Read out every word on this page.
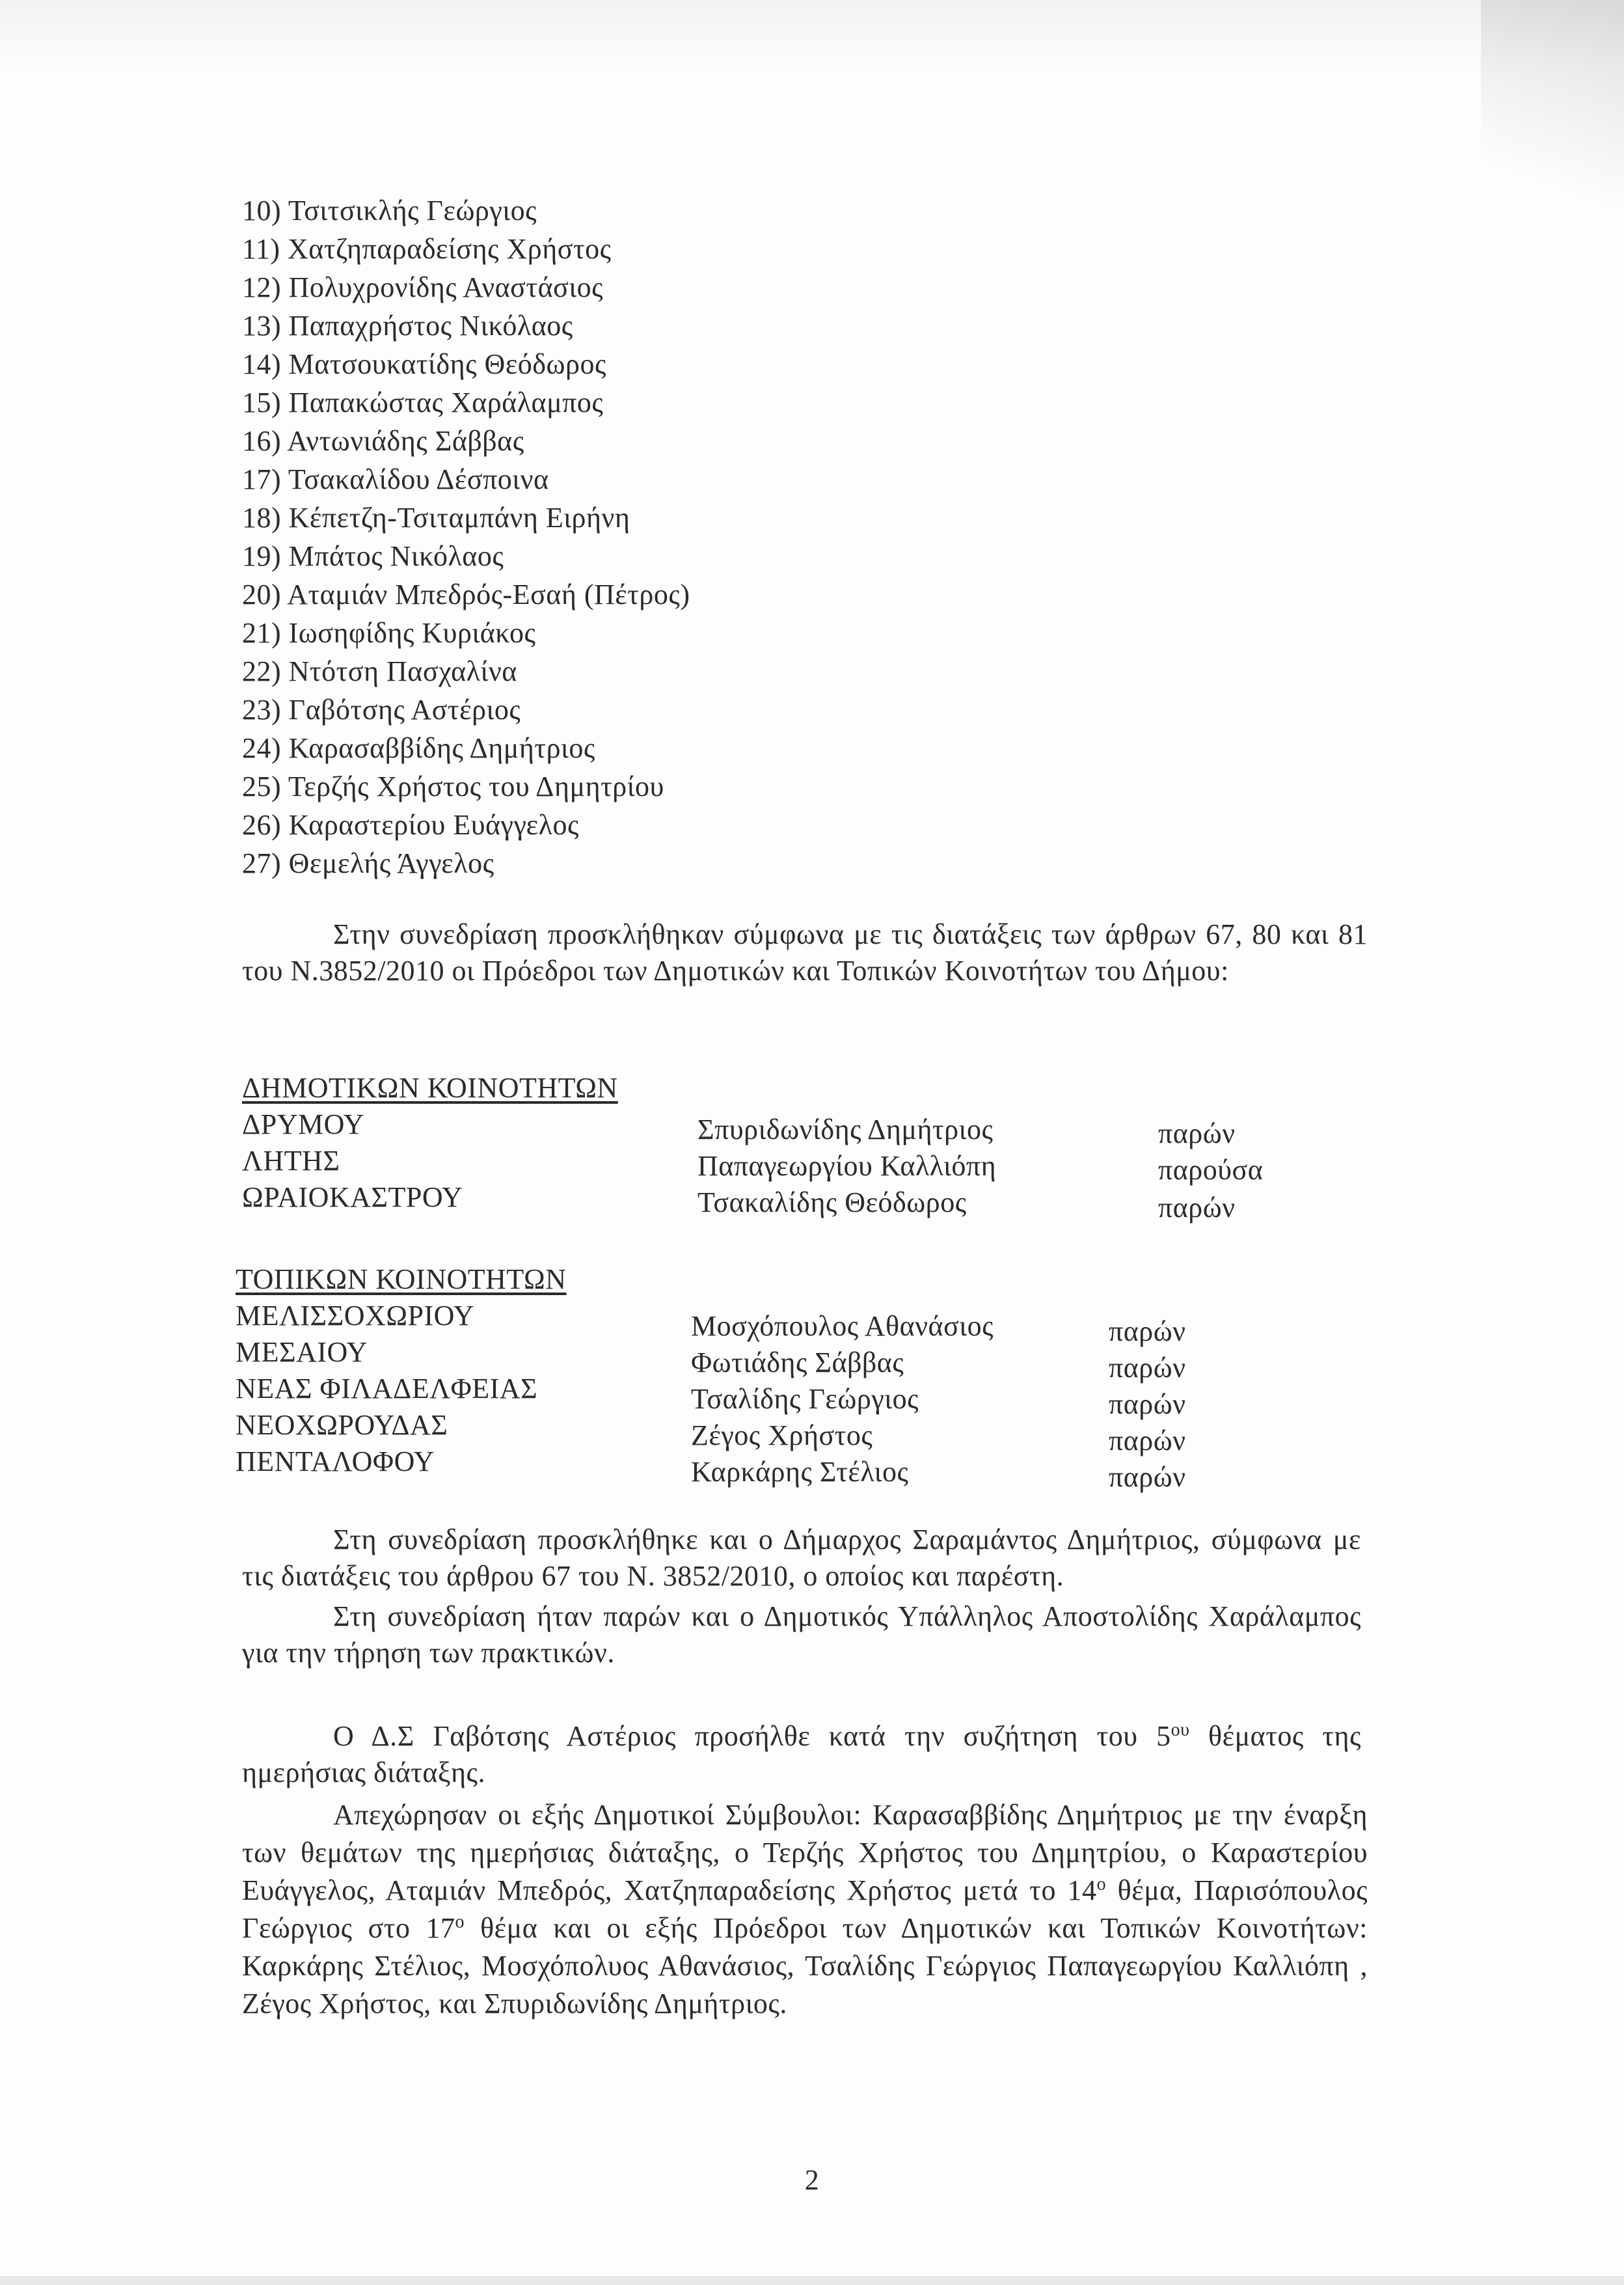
10) Τσιτσικλής Γεώργιος
11) Χατζηπαραδείσης Χρήστος
12) Πολυχρονίδης Αναστάσιος
13) Παπαχρήστος Νικόλαος
14) Ματσουκατίδης Θεόδωρος
15) Παπακώστας Χαράλαμπος
16) Αντωνιάδης Σάββας
17) Τσακαλίδου Δέσποινα
18) Κέπετζη-Τσιταμπάνη Ειρήνη
19) Μπάτος Νικόλαος
20) Αταμιάν Μπεδρός-Εσαή (Πέτρος)
21) Ιωσηφίδης Κυριάκος
22) Ντότση Πασχαλίνα
23) Γαβότσης Αστέριος
24) Καρασαββίδης Δημήτριος
25) Τερζής Χρήστος του Δημητρίου
26) Καραστερίου Ευάγγελος
27) Θεμελής Άγγελος
Στην συνεδρίαση προσκλήθηκαν σύμφωνα με τις διατάξεις των άρθρων 67, 80 και 81 του Ν.3852/2010 οι Πρόεδροι των Δημοτικών και Τοπικών Κοινοτήτων του Δήμου:
ΔΗΜΟΤΙΚΩΝ ΚΟΙΝΟΤΗΤΩΝ
ΔΡΥΜΟΥ	Σπυριδωνίδης Δημήτριος	παρών
ΛΗΤΗΣ	Παπαγεωργίου Καλλιόπη	παρούσα
ΩΡΑΙΟΚΑΣΤΡΟΥ	Τσακαλίδης Θεόδωρος	παρών
ΤΟΠΙΚΩΝ ΚΟΙΝΟΤΗΤΩΝ
ΜΕΛΙΣΣΟΧΩΡΙΟΥ	Μοσχόπουλος Αθανάσιος	παρών
ΜΕΣΑΙΟΥ	Φωτιάδης Σάββας	παρών
ΝΕΑΣ ΦΙΛΑΔΕΛΦΕΙΑΣ	Τσαλίδης Γεώργιος	παρών
ΝΕΟΧΩΡΟΥΔΑΣ	Ζέγος Χρήστος	παρών
ΠΕΝΤΑΛΟΦΟΥ	Καρκάρης Στέλιος	παρών
Στη συνεδρίαση προσκλήθηκε και ο Δήμαρχος Σαραμάντος Δημήτριος, σύμφωνα με τις διατάξεις του άρθρου 67 του Ν. 3852/2010, ο οποίος και παρέστη.
Στη συνεδρίαση ήταν παρών και ο Δημοτικός Υπάλληλος Αποστολίδης Χαράλαμπος για την τήρηση των πρακτικών.
Ο Δ.Σ Γαβότσης Αστέριος προσήλθε κατά την συζήτηση του $5^{o\upsilon}$ θέματος της ημερήσιας διάταξης.
Απεχώρησαν οι εξής Δημοτικοί Σύμβουλοι: Καρασαββίδης Δημήτριος με την έναρξη των θεμάτων της ημερήσιας διάταξης, ο Τερζής Χρήστος του Δημητρίου, ο Καραστερίου Ευάγγελος, Αταμιάν Μπεδρός, Χατζηπαραδείσης Χρήστος μετά το $14^o$ θέμα, Παρισόπουλος Γεώργιος στο $17^o$ θέμα και οι εξής Πρόεδροι των Δημοτικών και Τοπικών Κοινοτήτων: Καρκάρης Στέλιος, Μοσχόπολυος Αθανάσιος, Τσαλίδης Γεώργιος Παπαγεωργίου Καλλιόπη , Ζέγος Χρήστος, και Σπυριδωνίδης Δημήτριος.
2
